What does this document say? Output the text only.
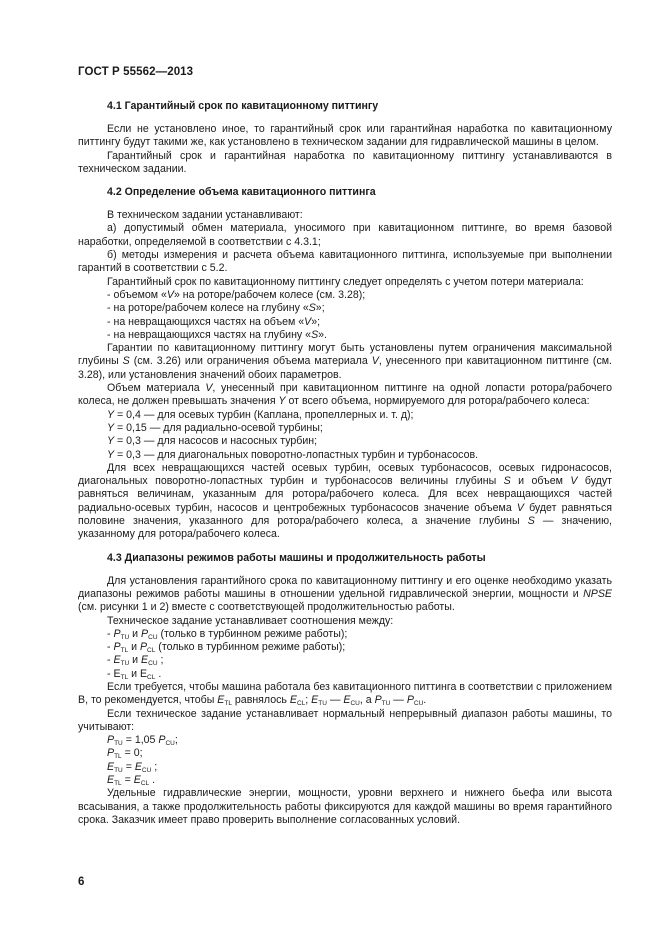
ГОСТ Р 55562—2013
4.1 Гарантийный срок по кавитационному питтингу

Если не установлено иное, то гарантийный срок или гарантийная наработка по кавитационному питтингу будут такими же, как установлено в техническом задании для гидравлической машины в целом.

Гарантийный срок и гарантийная наработка по кавитационному питтингу устанавливаются в техническом задании.

4.2 Определение объема кавитационного питтинга

В техническом задании устанавливают:

а) допустимый обмен материала, уносимого при кавитационном питтинге, во время базовой наработки, определяемой в соответствии с 4.3.1;

б) методы измерения и расчета объема кавитационного питтинга, используемые при выполнении гарантий в соответствии с 5.2.

Гарантийный срок по кавитационному питтингу следует определять с учетом потери материала:

- объемом «V» на роторе/рабочем колесе (см. 3.28);
- на роторе/рабочем колесе на глубину «S»;
- на невращающихся частях на объем «V»;
- на невращающихся частях на глубину «S».

Гарантии по кавитационному питтингу могут быть установлены путем ограничения максимальной глубины S (см. 3.26) или ограничения объема материала V, унесенного при кавитационном питтинге (см. 3.28), или установления значений обоих параметров.

Объем материала V, унесенный при кавитационном питтинге на одной лопасти ротора/рабочего колеса, не должен превышать значения Y от всего объема, нормируемого для ротора/рабочего колеса:

Y = 0,4 — для осевых турбин (Каплана, пропеллерных и. т. д);
Y = 0,15 — для радиально-осевой турбины;
Y = 0,3 — для насосов и насосных турбин;
Y = 0,3 — для диагональных поворотно-лопастных турбин и турбонасосов.

Для всех невращающихся частей осевых турбин, осевых турбонасосов, осевых гидронасосов, диагональных поворотно-лопастных турбин и турбонасосов величины глубины S и объем V будут равняться величинам, указанным для ротора/рабочего колеса. Для всех невращающихся частей радиально-осевых турбин, насосов и центробежных турбонасосов значение объема V будет равняться половине значения, указанного для ротора/рабочего колеса, а значение глубины S — значению, указанному для ротора/рабочего колеса.

4.3 Диапазоны режимов работы машины и продолжительность работы

Для установления гарантийного срока по кавитационному питтингу и его оценке необходимо указать диапазоны режимов работы машины в отношении удельной гидравлической энергии, мощности и NPSE (см. рисунки 1 и 2) вместе с соответствующей продолжительностью работы.

Техническое задание устанавливает соотношения между:

- $P_{TU}$ и $P_{CU}$ (только в турбинном режиме работы);
- $P_{TL}$ и $P_{CL}$ (только в турбинном режиме работы);
- $E_{TU}$ и $E_{CU}$ ;
- $E_{TL}$ и $E_{CL}$ .

Если требуется, чтобы машина работала без кавитационного питтинга в соответствии с приложением В, то рекомендуется, чтобы $E_{TL}$ равнялось $E_{CL}$; $E_{TU}$ — $E_{CU}$, а $P_{TU}$ — $P_{CU}$.

Если техническое задание устанавливает нормальный непрерывный диапазон работы машины, то учитывают:

$P_{TU} = 1,05$ $P_{CU}$;
$P_{TL} = 0$;
$E_{TU} = E_{CU}$ ;
$E_{TL} = E_{CL}$ .

Удельные гидравлические энергии, мощности, уровни верхнего и нижнего бьефа или высота всасывания, а также продолжительность работы фиксируются для каждой машины во время гарантийного срока. Заказчик имеет право проверить выполнение согласованных условий.

6
